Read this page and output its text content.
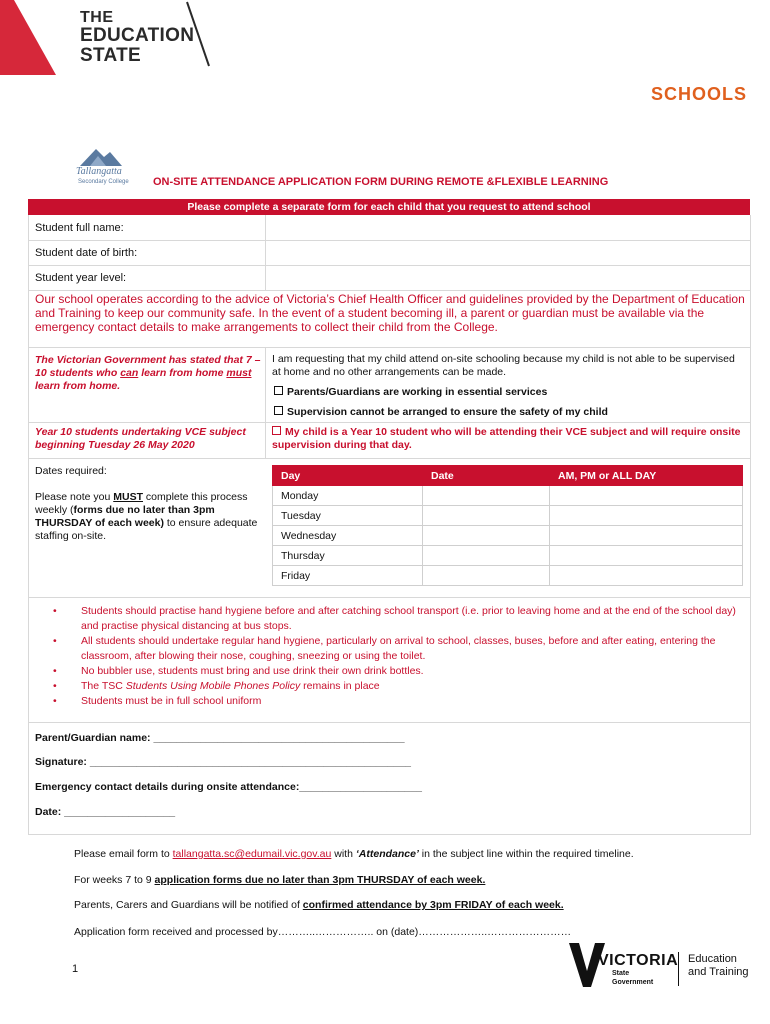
THE
EDUCATION
STATE
SCHOOLS
Tallangatta
Secondary College ON-SITE ATTENDANCE APPLICATION FORM DURING REMOTE &FLEXIBLE LEARNING
Please complete a separate form for each child that you request to attend school
Student full name:
Student date of birth:
Student year level:
Our school operates according to the advice of Victoria’s Chief Health Officer and guidelines provided by the Department of Education and Training to keep our community safe. In the event of a student becoming ill, a parent or guardian must be available via the emergency contact details to make arrangements to collect their child from the College.
The Victorian Government has stated that 7 – 10 students who can learn from home must learn from home.
I am requesting that my child attend on-site schooling because my child is not able to be supervised at home and no other arrangements can be made.
Parents/Guardians are working in essential services
Supervision cannot be arranged to ensure the safety of my child
Year 10 students undertaking VCE subject beginning Tuesday 26 May 2020
My child is a Year 10 student who will be attending their VCE subject and will require onsite supervision during that day.
Dates required:
Please note you MUST complete this process weekly (forms due no later than 3pm THURSDAY of each week) to ensure adequate staffing on-site.
Day	Date	AM, PM or ALL DAY
Monday		
Tuesday		
Wednesday		
Thursday		
Friday		
• Students should practise hand hygiene before and after catching school transport (i.e. prior to leaving home and at the end of the school day) and practise physical distancing at bus stops.
• All students should undertake regular hand hygiene, particularly on arrival to school, classes, buses, before and after eating, entering the classroom, after blowing their nose, coughing, sneezing or using the toilet.
• No bubbler use, students must bring and use drink their own drink bottles.
• The TSC Students Using Mobile Phones Policy remains in place
• Students must be in full school uniform
Parent/Guardian name: ___________________________________________
Signature: _______________________________________________________
Emergency contact details during onsite attendance:_____________________
Date: ___________________
Please email form to tallangatta.sc@edumail.vic.gov.au with ‘Attendance’ in the subject line within the required timeline.
For weeks 7 to 9 application forms due no later than 3pm THURSDAY of each week.
Parents, Carers and Guardians will be notified of confirmed attendance by 3pm FRIDAY of each week.
Application form received and processed by………..…………….. on (date)………………..……………………
1	VICTORIA
State
Government
Education
and Training
